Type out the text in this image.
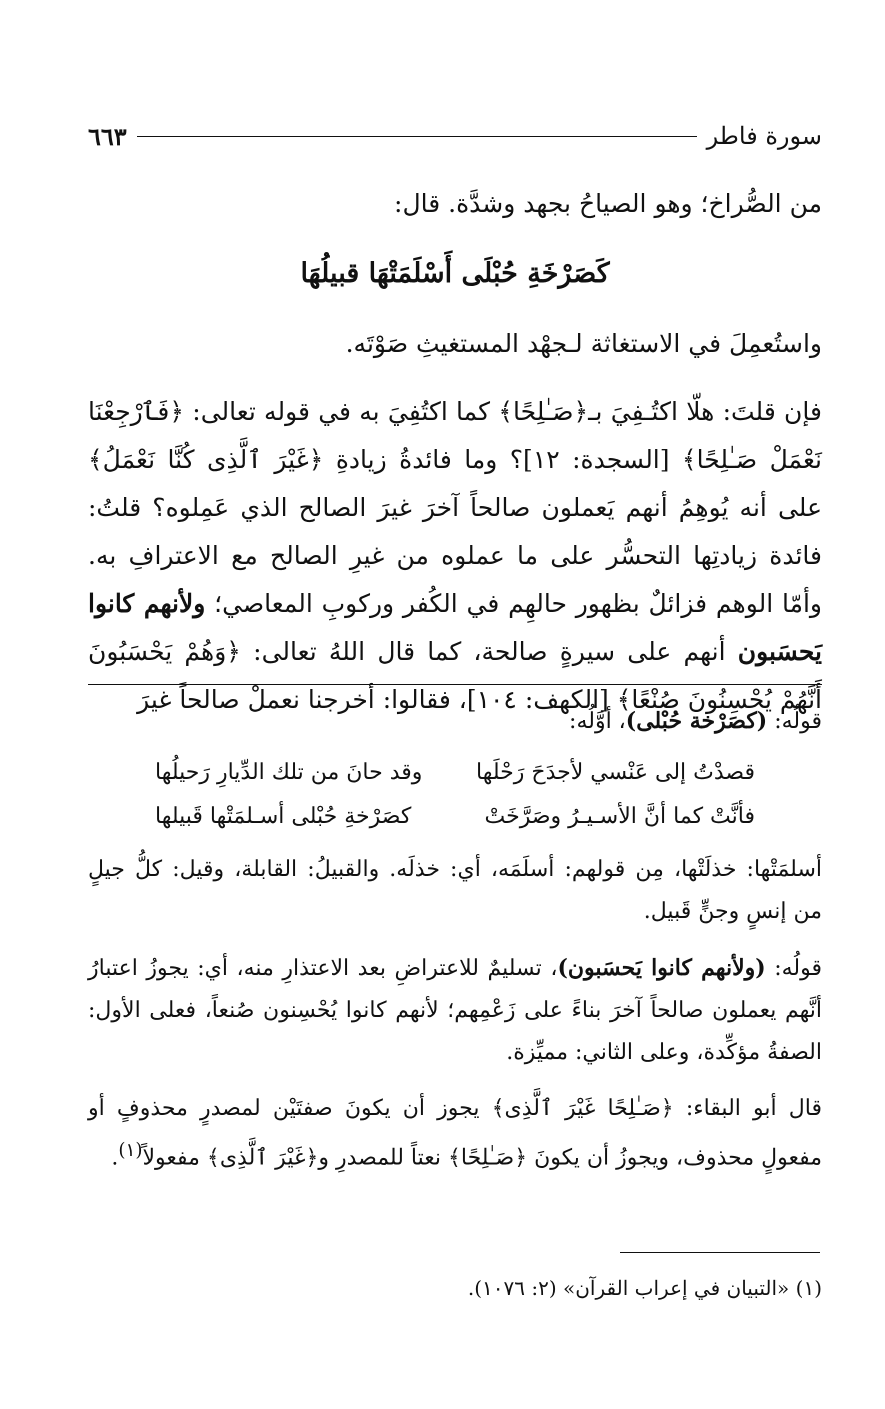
سورة فاطر
٦٦٣

من الصُّراخ؛ وهو الصياحُ بجهد وشدَّة. قال:

كَصَرْخَةِ حُبْلَى أَسْلَمَتْهَا قبيلُهَا

واستُعمِلَ في الاستغاثة لـجهْد المستغيثِ صَوْتَه.

فإن قلتَ: هلّا اكتُـفِيَ بـ﴿صَـٰلِحًا﴾ كما اكتُفِيَ به في قوله تعالى: ﴿فَٱرْجِعْنَا نَعْمَلْ صَـٰلِحًا﴾ [السجدة: ١٢]؟ وما فائدةُ زيادةِ ﴿غَيْرَ ٱلَّذِى كُنَّا نَعْمَلُ﴾ على أنه يُوهِمُ أنهم يَعملون صالحاً آخرَ غيرَ الصالح الذي عَمِلوه؟ قلتُ: فائدة زيادتِها التحسُّر على ما عملوه من غيرِ الصالح مع الاعترافِ به. وأمّا الوهم فزائلٌ بظهور حالهِم في الكُفر وركوبِ المعاصي؛ ولأنهم كانوا يَحسَبون أنهم على سيرةٍ صالحة، كما قال اللهُ تعالى: ﴿وَهُمْ يَحْسَبُونَ أَنَّهُمْ يُحْسِنُونَ صُنْعًا﴾ [الكهف: ١٠٤]، فقالوا: أخرجنا نعملْ صالحاً غيرَ

قولُه: (كصَرْخة حُبْلى)، أوَّلُه:

قصدْتُ إلى عَنْسي لأجدَحَ رَحْلَها
وقد حانَ من تلك الدِّيارِ رَحيلُها
فأنَّتْ كما أنَّ الأسـيـرُ وصَرَّخَتْ
كصَرْخةِ حُبْلى أسـلمَتْها قَبيلها

أسلمَتْها: خذلَتْها، مِن قولهم: أسلَمَه، أي: خذلَه. والقبيلُ: القابلة، وقيل: كلُّ جيلٍ من إنسٍ وجنٍّ قَبيل.

قولُه: (ولأنهم كانوا يَحسَبون)، تسليمٌ للاعتراضِ بعد الاعتذارِ منه، أي: يجوزُ اعتبارُ أنَّهم يعملون صالحاً آخرَ بناءً على زَعْمِهم؛ لأنهم كانوا يُحْسِنون صُنعاً، فعلى الأول: الصفةُ مؤكِّدة، وعلى الثاني: مميِّزة.

قال أبو البقاء: ﴿صَـٰلِحًا غَيْرَ ٱلَّذِى﴾ يجوز أن يكونَ صفتَيْن لمصدرٍ محذوفٍ أو مفعولٍ محذوف، ويجوزُ أن يكونَ ﴿صَـٰلِحًا﴾ نعتاً للمصدرِ و﴿غَيْرَ ٱلَّذِى﴾ مفعولاً$^{(١)}$.

(١) «التبيان في إعراب القرآن» (٢: ١٠٧٦).
